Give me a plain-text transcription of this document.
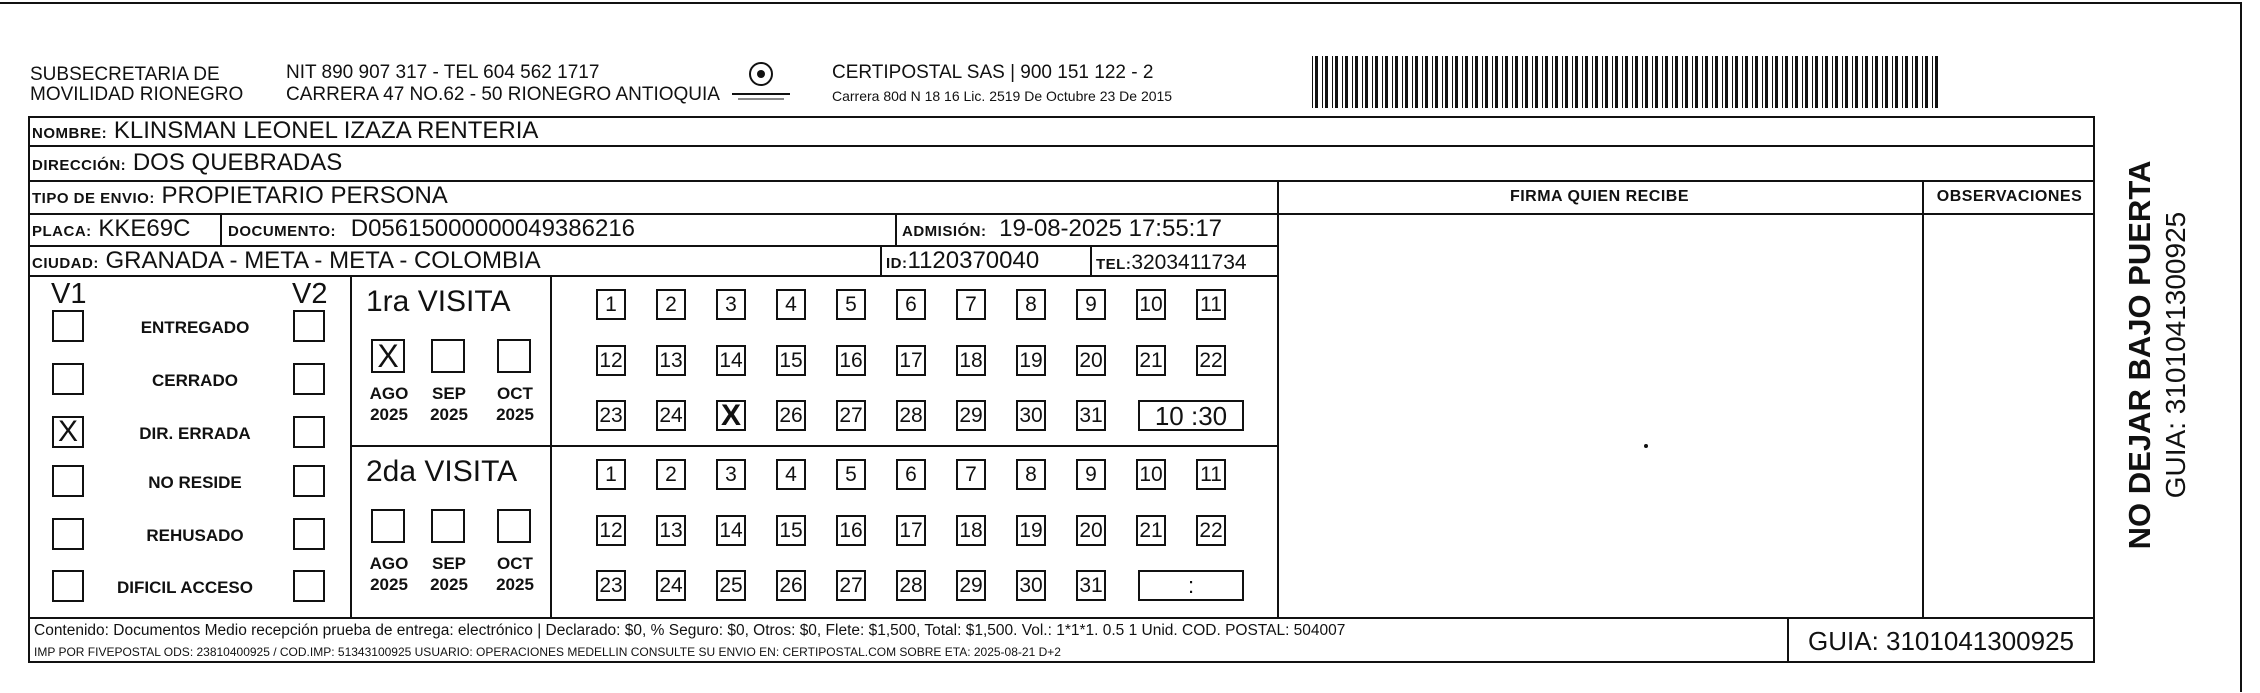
SUBSECRETARIA DE
MOVILIDAD RIONEGRO
NIT 890 907 317 - TEL 604 562 1717
CARRERA 47 NO.62 - 50 RIONEGRO ANTIOQUIA
CERTIPOSTAL SAS | 900 151 122 - 2
Carrera 80d N 18 16 Lic. 2519 De Octubre 23 De 2015
NOMBRE: KLINSMAN LEONEL IZAZA RENTERIA
DIRECCIÓN: DOS QUEBRADAS
TIPO DE ENVIO: PROPIETARIO PERSONA
PLACA: KKE69C	DOCUMENTO: D05615000000049386216	ADMISIÓN: 19-08-2025 17:55:17
CIUDAD: GRANADA - META - META - COLOMBIA	ID:1120370040	TEL:3203411734
FIRMA QUIEN RECIBE	OBSERVACIONES
V1	V2
ENTREGADO
CERRADO
X	DIR. ERRADA
NO RESIDE
REHUSADO
DIFICIL ACCESO
1ra VISITA
X
AGO
2025
SEP
2025
OCT
2025
1	2	3	4	5	6	7	8	9	10 11
12 13 14 15 16 17 18 19 20 21 22
23 24 X 26 27 28 29 30 31	10 :30
2da VISITA
AGO
2025
SEP
2025
OCT
2025
1	2	3	4	5	6	7	8	9	10 11
12 13 14 15 16 17 18 19 20 21 22
23 24 25 26 27 28 29 30 31	:
Contenido: Documentos Medio recepción prueba de entrega: electrónico | Declarado: $0, % Seguro: $0, Otros: $0, Flete: $1,500, Total: $1,500. Vol.: 1*1*1. 0.5 1 Unid. COD. POSTAL: 504007
IMP POR FIVEPOSTAL ODS: 23810400925 / COD.IMP: 51343100925 USUARIO: OPERACIONES MEDELLIN CONSULTE SU ENVIO EN: CERTIPOSTAL.COM SOBRE ETA: 2025-08-21 D+2	GUIA: 3101041300925
NO DEJAR BAJO PUERTA GUIA: 3101041300925
